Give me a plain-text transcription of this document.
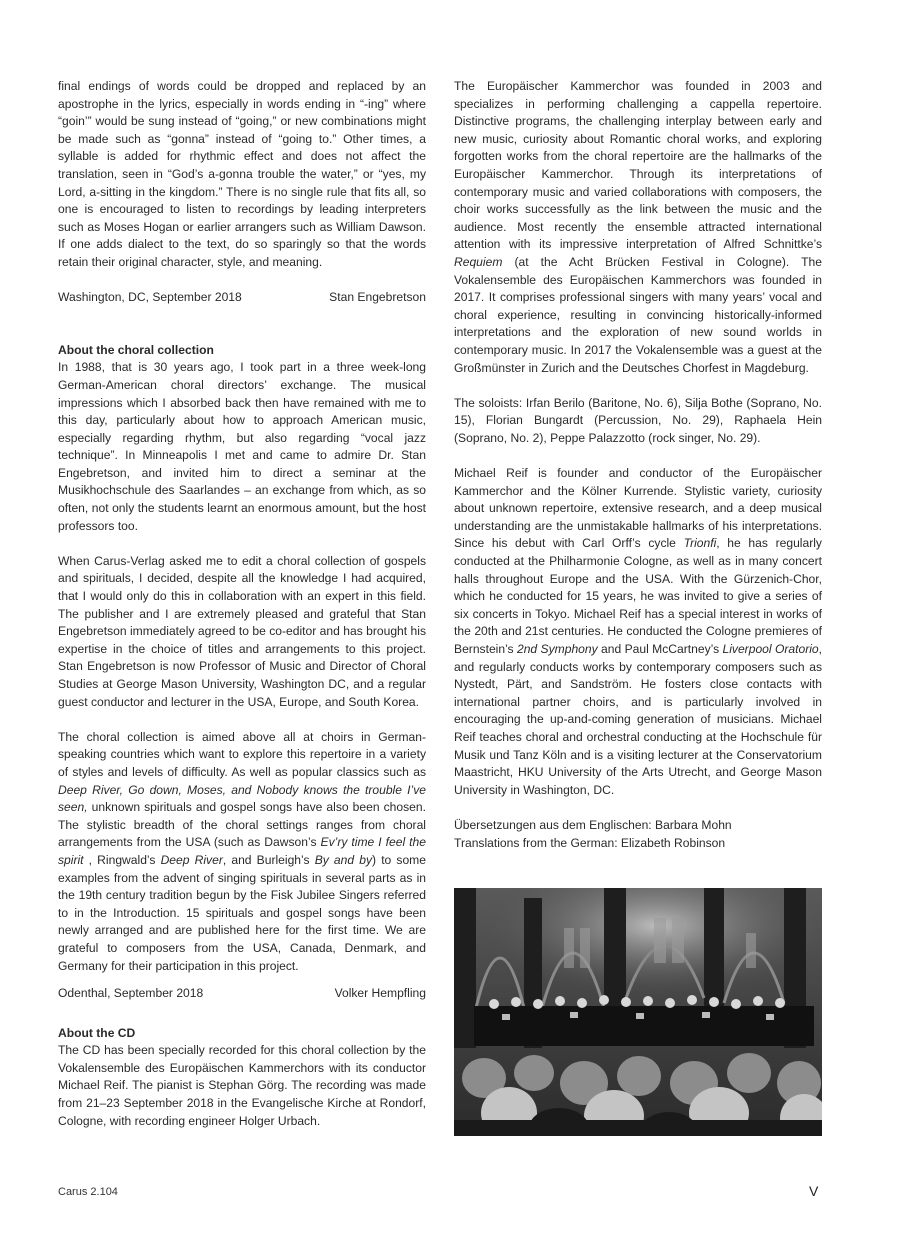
final endings of words could be dropped and replaced by an apostrophe in the lyrics, especially in words ending in “-ing” where “goin’” would be sung instead of “going,” or new combinations might be made such as “gonna” instead of “going to.” Other times, a syllable is added for rhythmic effect and does not affect the translation, seen in “God’s a-gonna trouble the water,” or “yes, my Lord, a-sitting in the kingdom.” There is no single rule that fits all, so one is encouraged to listen to recordings by leading interpreters such as Moses Hogan or earlier arrangers such as William Dawson. If one adds dialect to the text, do so sparingly so that the words retain their original character, style, and meaning.

Washington, DC, September 2018	Stan Engebretson

About the choral collection

In 1988, that is 30 years ago, I took part in a three week-long German-American choral directors’ exchange. The musical impressions which I absorbed back then have remained with me to this day, particularly about how to approach American music, especially regarding rhythm, but also regarding “vocal jazz technique”. In Minneapolis I met and came to admire Dr. Stan Engebretson, and invited him to direct a seminar at the Musikhochschule des Saarlandes – an exchange from which, as so often, not only the students learnt an enormous amount, but the host professors too.

When Carus-Verlag asked me to edit a choral collection of gospels and spirituals, I decided, despite all the knowledge I had acquired, that I would only do this in collaboration with an expert in this field. The publisher and I are extremely pleased and grateful that Stan Engebretson immediately agreed to be co-editor and has brought his expertise in the choice of titles and arrangements to this project. Stan Engebretson is now Professor of Music and Director of Choral Studies at George Mason University, Washington DC, and a regular guest conductor and lecturer in the USA, Europe, and South Korea.

The choral collection is aimed above all at choirs in German-speaking countries which want to explore this repertoire in a variety of styles and levels of difficulty. As well as popular classics such as Deep River, Go down, Moses, and Nobody knows the trouble I’ve seen, unknown spirituals and gospel songs have also been chosen. The stylistic breadth of the choral settings ranges from choral arrangements from the USA (such as Dawson’s Ev’ry time I feel the spirit , Ringwald’s Deep River, and Burleigh’s By and by) to some examples from the advent of singing spirituals in several parts as in the 19th century tradition begun by the Fisk Jubilee Singers referred to in the Introduction. 15 spirituals and gospel songs have been newly arranged and are published here for the first time. We are grateful to composers from the USA, Canada, Denmark, and Germany for their participation in this project.

Odenthal, September 2018	Volker Hempfling

About the CD

The CD has been specially recorded for this choral collection by the Vokalensemble des Europäischen Kammerchors with its conductor Michael Reif. The pianist is Stephan Görg. The recording was made from 21–23 September 2018 in the Evangelische Kirche at Rondorf, Cologne, with recording engineer Holger Urbach.

The Europäischer Kammerchor was founded in 2003 and specializes in performing challenging a cappella repertoire. Distinctive programs, the challenging interplay between early and new music, curiosity about Romantic choral works, and exploring forgotten works from the choral repertoire are the hallmarks of the Europäischer Kammerchor. Through its interpretations of contemporary music and varied collaborations with composers, the choir works successfully as the link between the music and the audience. Most recently the ensemble attracted international attention with its impressive interpretation of Alfred Schnittke’s Requiem (at the Acht Brücken Festival in Cologne). The Vokalensemble des Europäischen Kammerchors was founded in 2017. It comprises professional singers with many years’ vocal and choral experience, resulting in convincing historically-informed interpretations and the exploration of new sound worlds in contemporary music. In 2017 the Vokalensemble was a guest at the Großmünster in Zurich and the Deutsches Chorfest in Magdeburg.

The soloists: Irfan Berilo (Baritone, No. 6), Silja Bothe (Soprano, No. 15), Florian Bungardt (Percussion, No. 29), Raphaela Hein (Soprano, No. 2), Peppe Palazzotto (rock singer, No. 29).

Michael Reif is founder and conductor of the Europäischer Kammerchor and the Kölner Kurrende. Stylistic variety, curiosity about unknown repertoire, extensive research, and a deep musical understanding are the unmistakable hallmarks of his interpretations. Since his debut with Carl Orff’s cycle Trionfi, he has regularly conducted at the Philharmonie Cologne, as well as in many concert halls throughout Europe and the USA. With the Gürzenich-Chor, which he conducted for 15 years, he was invited to give a series of six concerts in Tokyo. Michael Reif has a special interest in works of the 20th and 21st centuries. He conducted the Cologne premieres of Bernstein’s 2nd Symphony and Paul McCartney’s Liverpool Oratorio, and regularly conducts works by contemporary composers such as Nystedt, Pärt, and Sandström. He fosters close contacts with international partner choirs, and is particularly involved in encouraging the up-and-coming generation of musicians. Michael Reif teaches choral and orchestral conducting at the Hochschule für Musik und Tanz Köln and is a visiting lecturer at the Conservatorium Maastricht, HKU University of the Arts Utrecht, and George Mason University in Washington, DC.

Übersetzungen aus dem Englischen: Barbara Mohn

Translations from the German: Elizabeth Robinson

Carus 2.104	V
